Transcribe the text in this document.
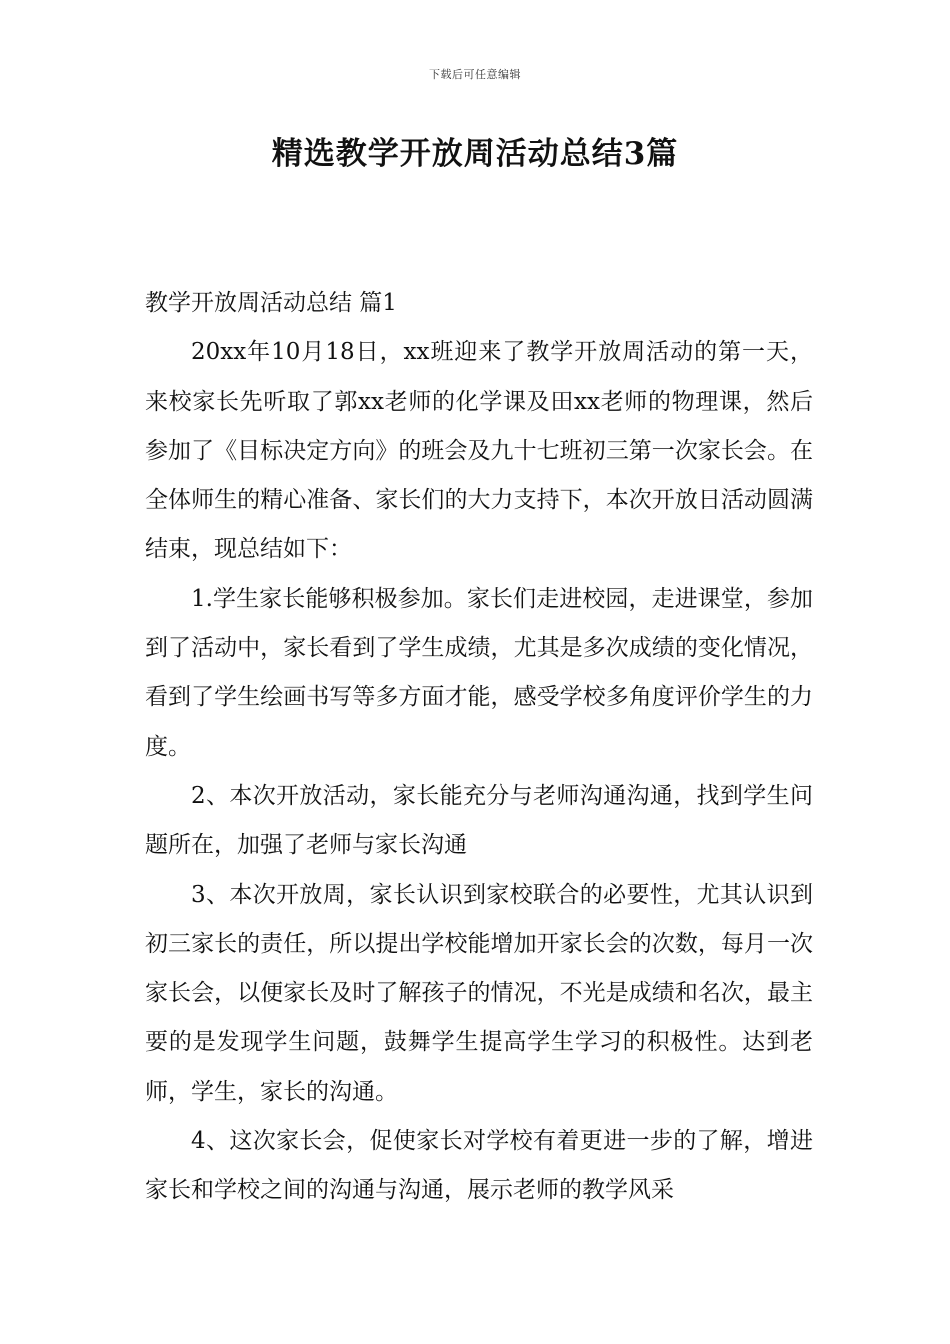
下载后可任意编辑
精选教学开放周活动总结3篇

教学开放周活动总结 篇1

20xx年10月18日，xx班迎来了教学开放周活动的第一天，来校家长先听取了郭xx老师的化学课及田xx老师的物理课，然后参加了《目标决定方向》的班会及九十七班初三第一次家长会。在全体师生的精心准备、家长们的大力支持下，本次开放日活动圆满结束，现总结如下：

1.学生家长能够积极参加。家长们走进校园，走进课堂，参加到了活动中，家长看到了学生成绩，尤其是多次成绩的变化情况，看到了学生绘画书写等多方面才能，感受学校多角度评价学生的力度。

2、本次开放活动，家长能充分与老师沟通沟通，找到学生问题所在，加强了老师与家长沟通

3、本次开放周，家长认识到家校联合的必要性，尤其认识到初三家长的责任，所以提出学校能增加开家长会的次数，每月一次家长会，以便家长及时了解孩子的情况，不光是成绩和名次，最主要的是发现学生问题，鼓舞学生提高学生学习的积极性。达到老师，学生，家长的沟通。

4、这次家长会，促使家长对学校有着更进一步的了解，增进家长和学校之间的沟通与沟通，展示老师的教学风采
